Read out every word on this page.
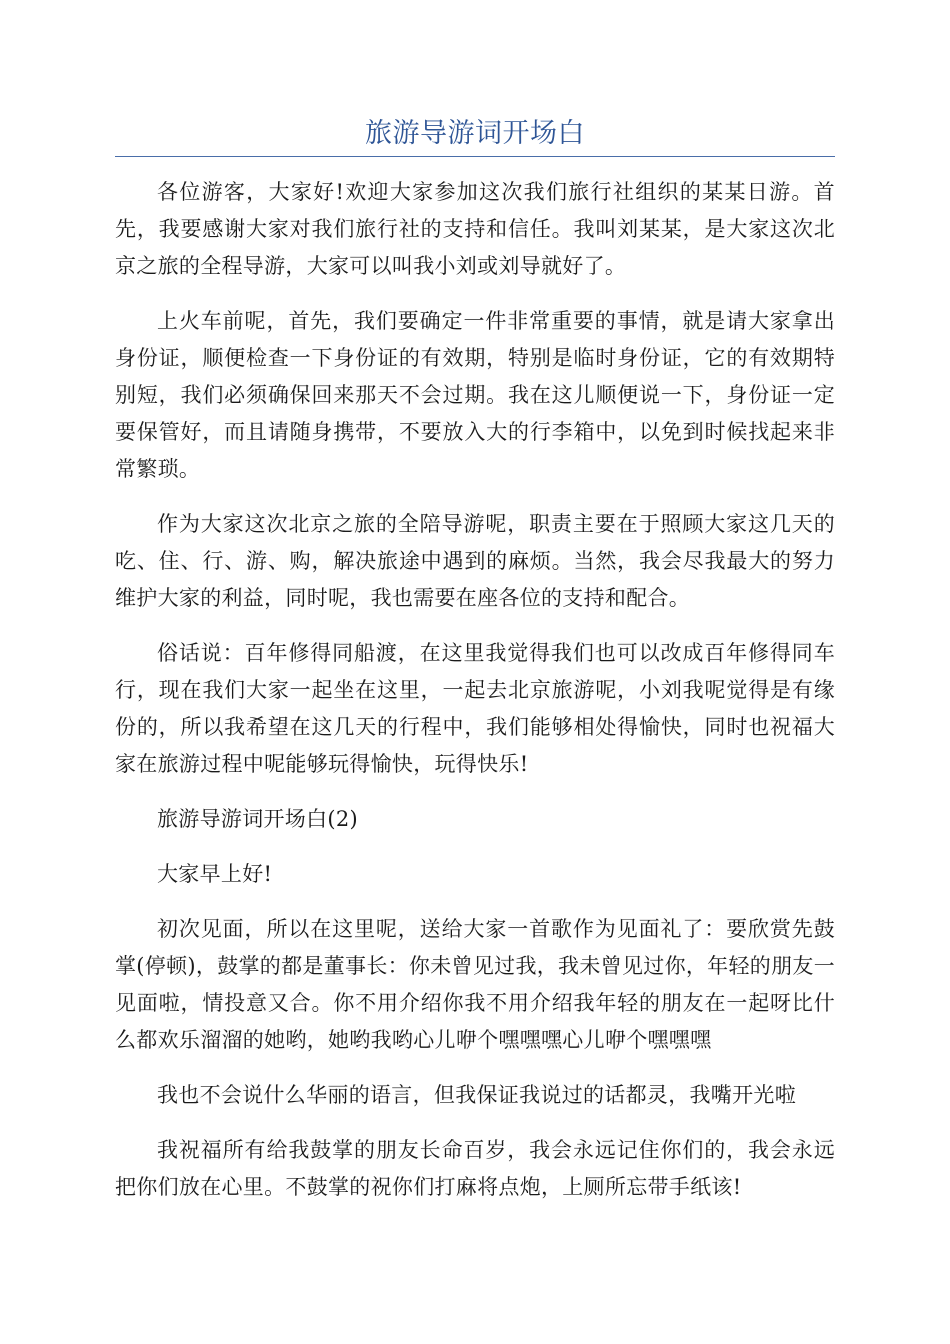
旅游导游词开场白

各位游客，大家好!欢迎大家参加这次我们旅行社组织的某某日游。首先，我要感谢大家对我们旅行社的支持和信任。我叫刘某某，是大家这次北京之旅的全程导游，大家可以叫我小刘或刘导就好了。

上火车前呢，首先，我们要确定一件非常重要的事情，就是请大家拿出身份证，顺便检查一下身份证的有效期，特别是临时身份证，它的有效期特别短，我们必须确保回来那天不会过期。我在这儿顺便说一下，身份证一定要保管好，而且请随身携带，不要放入大的行李箱中，以免到时候找起来非常繁琐。

作为大家这次北京之旅的全陪导游呢，职责主要在于照顾大家这几天的吃、住、行、游、购，解决旅途中遇到的麻烦。当然，我会尽我最大的努力维护大家的利益，同时呢，我也需要在座各位的支持和配合。

俗话说：百年修得同船渡，在这里我觉得我们也可以改成百年修得同车行，现在我们大家一起坐在这里，一起去北京旅游呢，小刘我呢觉得是有缘份的，所以我希望在这几天的行程中，我们能够相处得愉快，同时也祝福大家在旅游过程中呢能够玩得愉快，玩得快乐!

旅游导游词开场白(2)

大家早上好!

初次见面，所以在这里呢，送给大家一首歌作为见面礼了：要欣赏先鼓掌(停顿)，鼓掌的都是董事长：你未曾见过我，我未曾见过你，年轻的朋友一见面啦，情投意又合。你不用介绍你我不用介绍我年轻的朋友在一起呀比什么都欢乐溜溜的她哟，她哟我哟心儿咿个嘿嘿嘿心儿咿个嘿嘿嘿

我也不会说什么华丽的语言，但我保证我说过的话都灵，我嘴开光啦

我祝福所有给我鼓掌的朋友长命百岁，我会永远记住你们的，我会永远把你们放在心里。不鼓掌的祝你们打麻将点炮，上厕所忘带手纸该!
